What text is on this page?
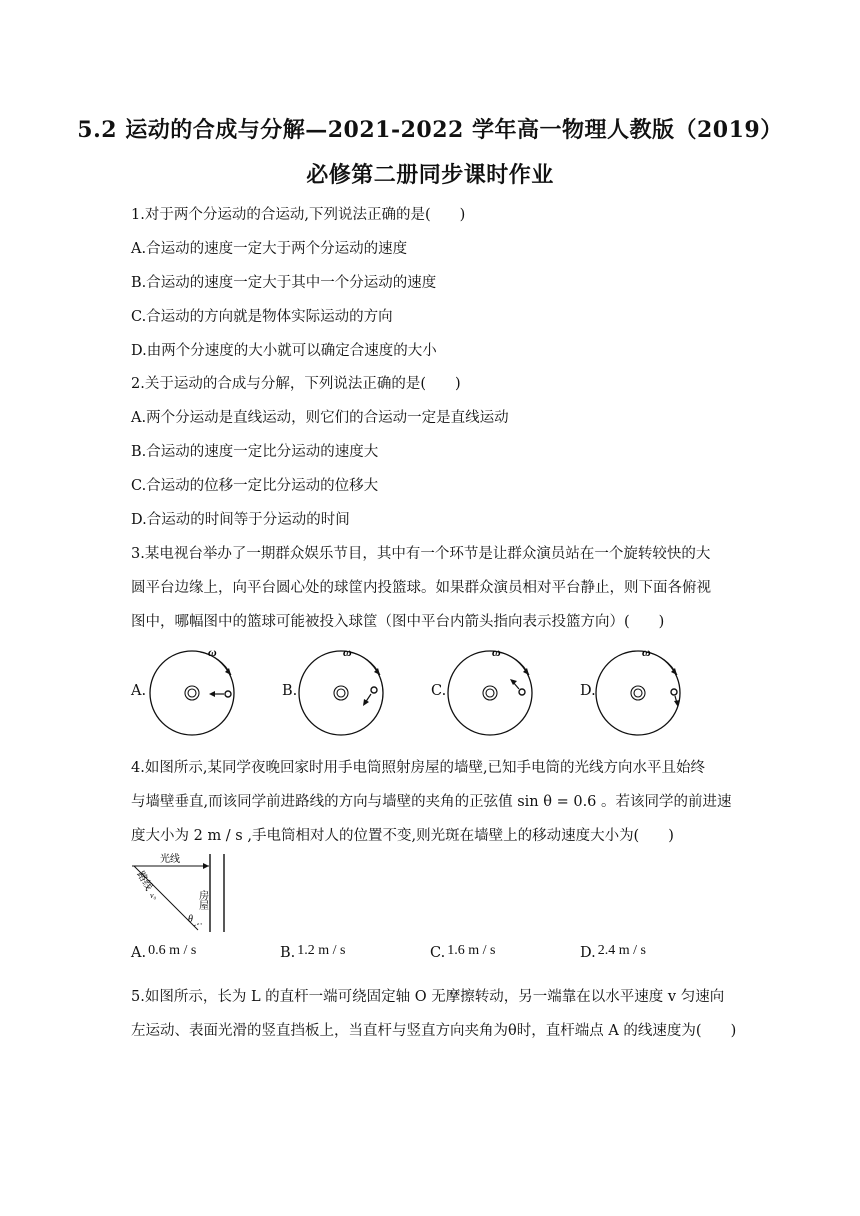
5.2 运动的合成与分解—2021-2022 学年高一物理人教版（2019）
必修第二册同步课时作业
1.对于两个分运动的合运动,下列说法正确的是(　　)
A.合运动的速度一定大于两个分运动的速度
B.合运动的速度一定大于其中一个分运动的速度
C.合运动的方向就是物体实际运动的方向
D.由两个分速度的大小就可以确定合速度的大小
2.关于运动的合成与分解，下列说法正确的是(　　)
A.两个分运动是直线运动，则它们的合运动一定是直线运动
B.合运动的速度一定比分运动的速度大
C.合运动的位移一定比分运动的位移大
D.合运动的时间等于分运动的时间
3.某电视台举办了一期群众娱乐节目，其中有一个环节是让群众演员站在一个旋转较快的大
圆平台边缘上，向平台圆心处的球筐内投篮球。如果群众演员相对平台静止，则下面各俯视
图中，哪幅图中的篮球可能被投入球筐（图中平台内箭头指向表示投篮方向）(　　)
A.
ω
B.
ω
C.
ω
D.
ω
4.如图所示,某同学夜晚回家时用手电筒照射房屋的墙壁,已知手电筒的光线方向水平且始终
与墙壁垂直,而该同学前进路线的方向与墙壁的夹角的正弦值 sin θ = 0.6 。若该同学的前进速
度大小为 2 m / s ,手电筒相对人的位置不变,则光斑在墙壁上的移动速度大小为(　　)
房屋
光线
路线
v₀
θ
A. 0.6 m / s	B. 1.2 m / s	C. 1.6 m / s	D. 2.4 m / s
5.如图所示，长为 L 的直杆一端可绕固定轴 O 无摩擦转动，另一端靠在以水平速度 v 匀速向
左运动、表面光滑的竖直挡板上，当直杆与竖直方向夹角为θ时，直杆端点 A 的线速度为(　　)
